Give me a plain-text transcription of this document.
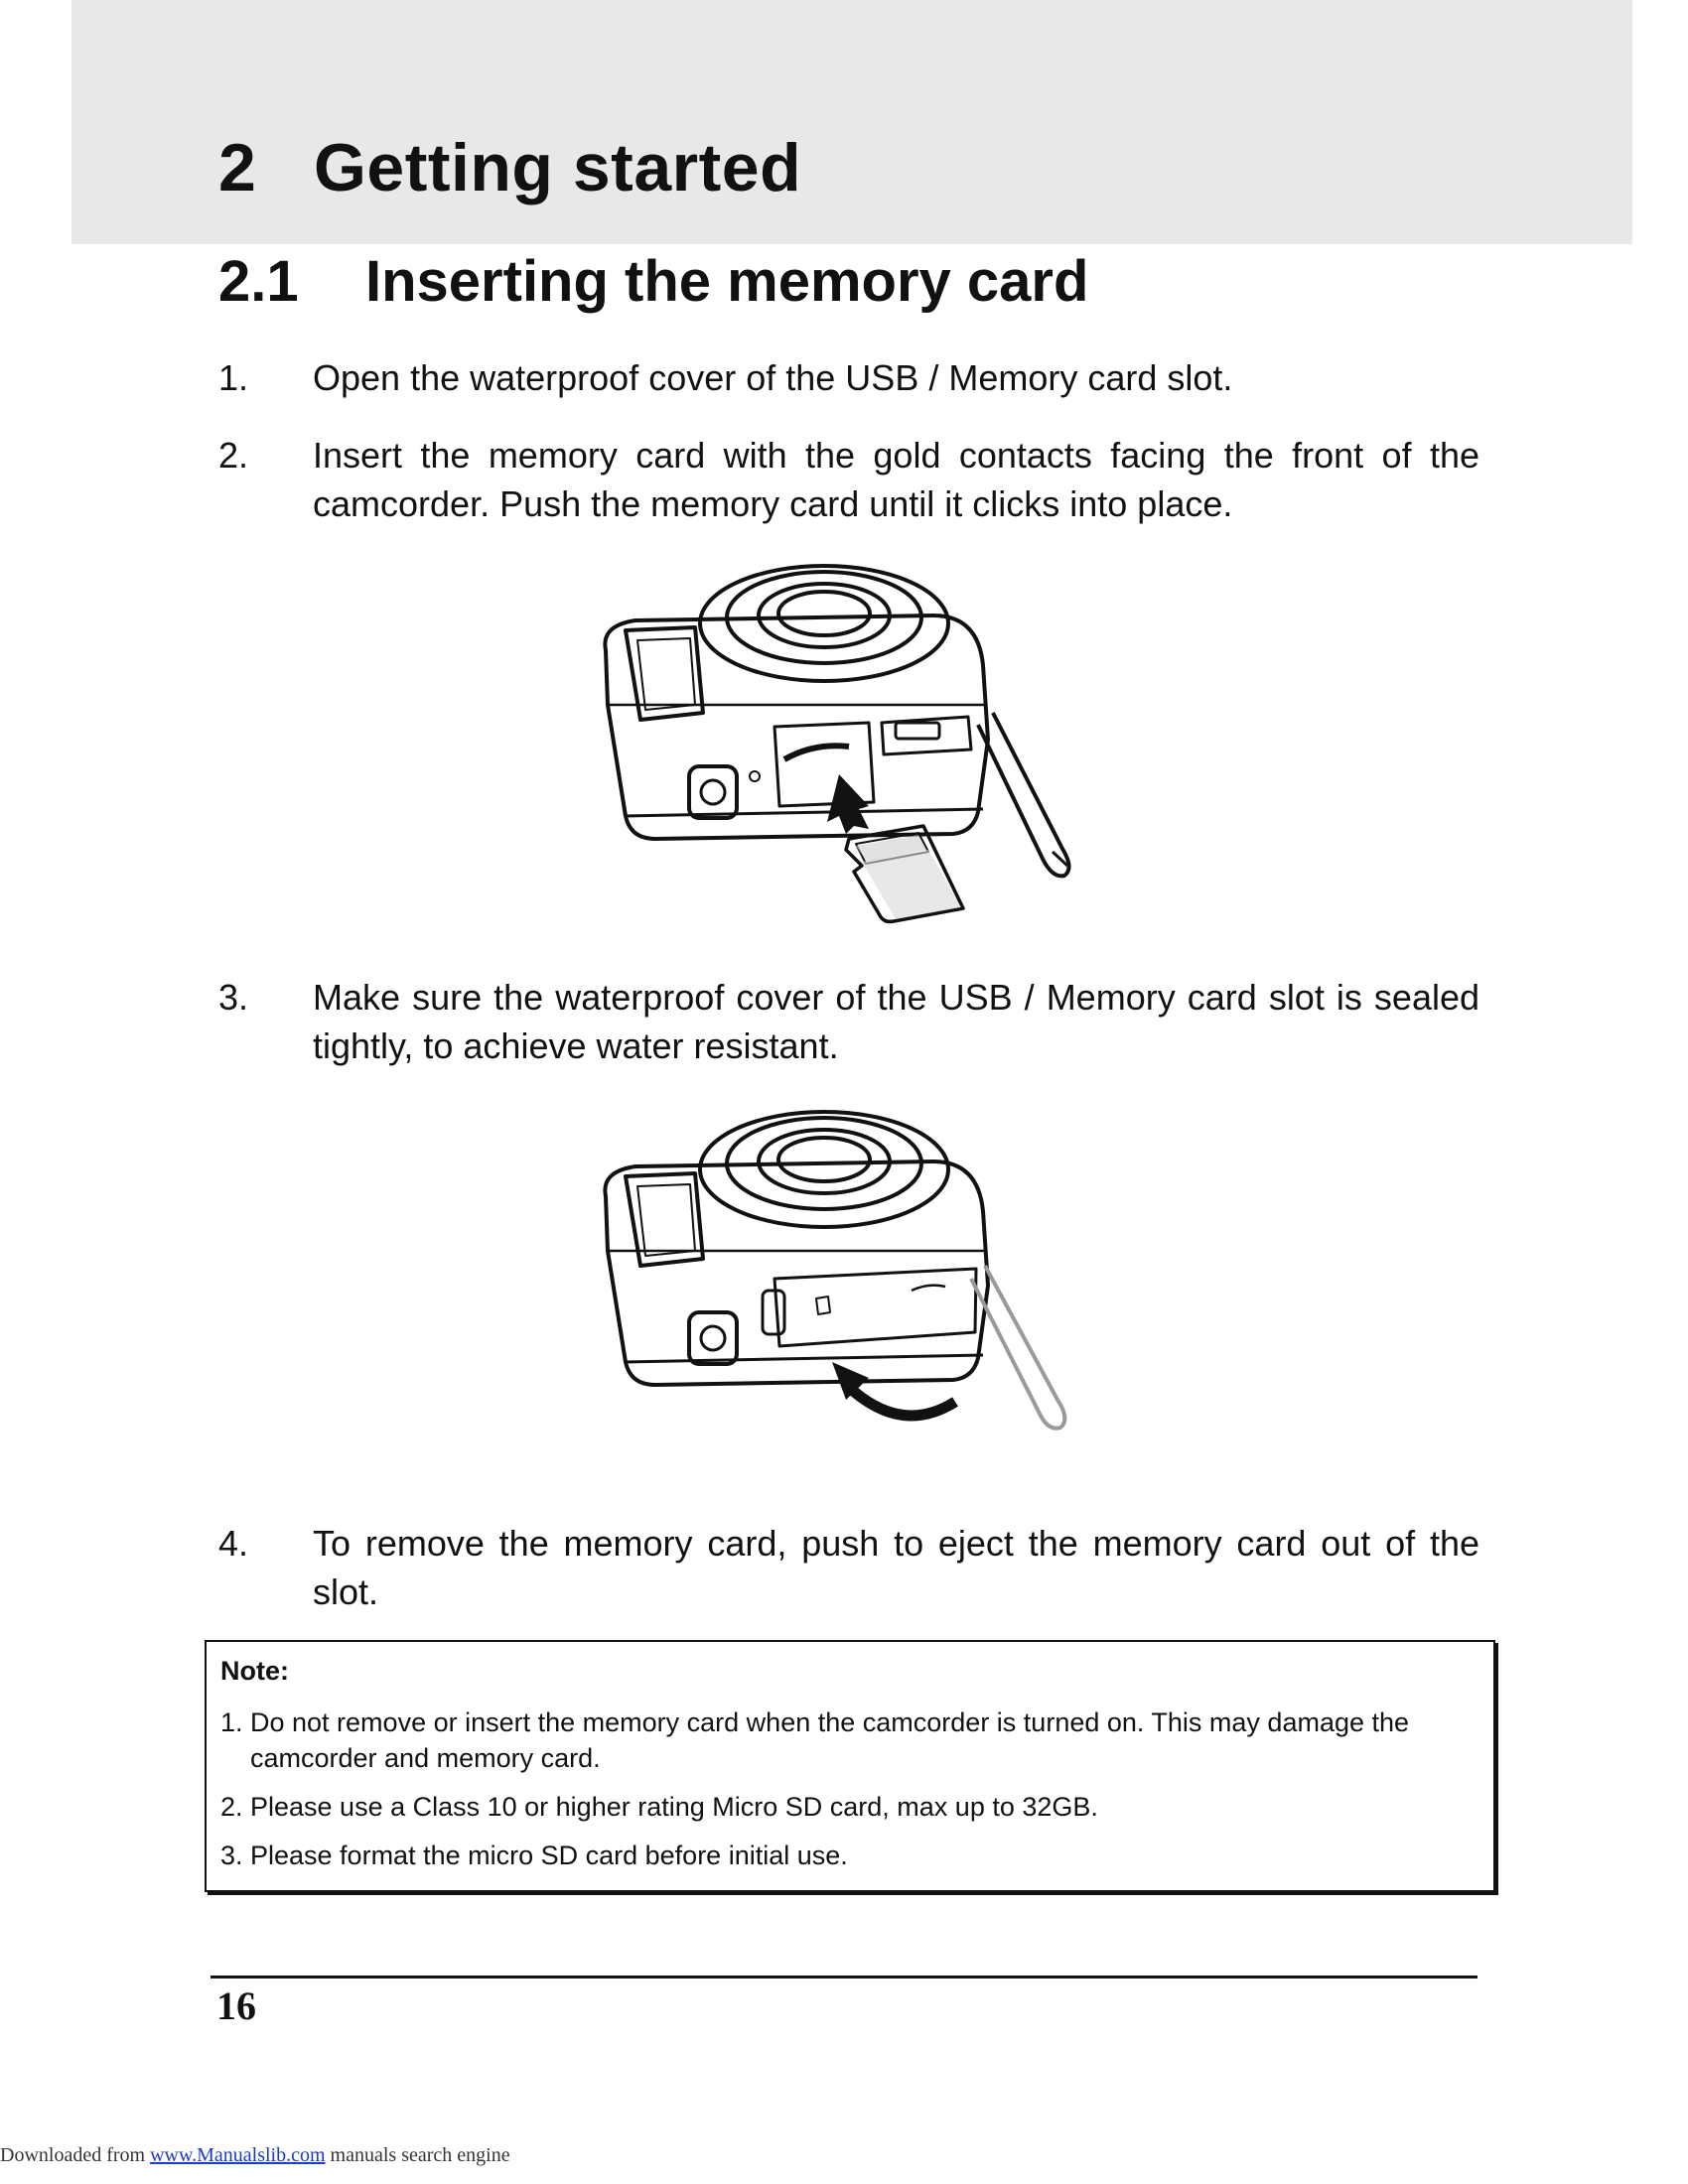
2 Getting started
2.1 Inserting the memory card
1. Open the waterproof cover of the USB / Memory card slot.
2. Insert the memory card with the gold contacts facing the front of the camcorder. Push the memory card until it clicks into place.
3. Make sure the waterproof cover of the USB / Memory card slot is sealed tightly, to achieve water resistant.
4. To remove the memory card, push to eject the memory card out of the slot.
Note:
1. Do not remove or insert the memory card when the camcorder is turned on. This may damage the camcorder and memory card.
2. Please use a Class 10 or higher rating Micro SD card, max up to 32GB.
3. Please format the micro SD card before initial use.
16
Downloaded from www.Manualslib.com manuals search engine
